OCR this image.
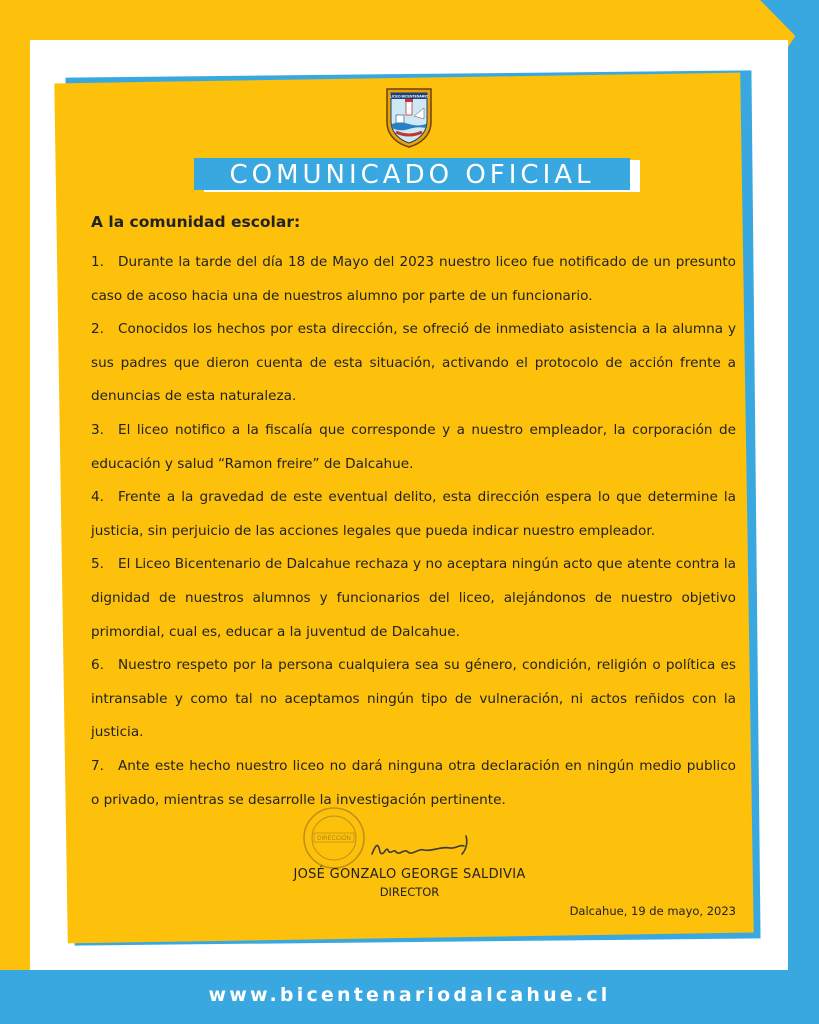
www.bicentenariodalcahue.cl
LICEO BICENTENARIO
COMUNICADO OFICIAL
A la comunidad escolar:

1. Durante la tarde del día 18 de Mayo del 2023 nuestro liceo fue notificado de un presunto caso de acoso hacia una de nuestros alumno por parte de un funcionario.

2. Conocidos los hechos por esta dirección, se ofreció de inmediato asistencia a la alumna y sus padres que dieron cuenta de esta situación, activando el protocolo de acción frente a denuncias de esta naturaleza.

3. El liceo notifico a la fiscalía que corresponde y a nuestro empleador, la corporación de educación y salud “Ramon freire” de Dalcahue.

4. Frente a la gravedad de este eventual delito, esta dirección espera lo que determine la justicia, sin perjuicio de las acciones legales que pueda indicar nuestro empleador.

5. El Liceo Bicentenario de Dalcahue rechaza y no aceptara ningún acto que atente contra la dignidad de nuestros alumnos y funcionarios del liceo, alejándonos de nuestro objetivo primordial, cual es, educar a la juventud de Dalcahue.

6. Nuestro respeto por la persona cualquiera sea su género, condición, religión o política es intransable y como tal no aceptamos ningún tipo de vulneración, ni actos reñidos con la justicia.

7. Ante este hecho nuestro liceo no dará ninguna otra declaración en ningún medio publico o privado, mientras se desarrolle la investigación pertinente.

DIRECCIÓN
JOSÉ GONZALO GEORGE SALDIVIA
DIRECTOR
Dalcahue, 19 de mayo, 2023
